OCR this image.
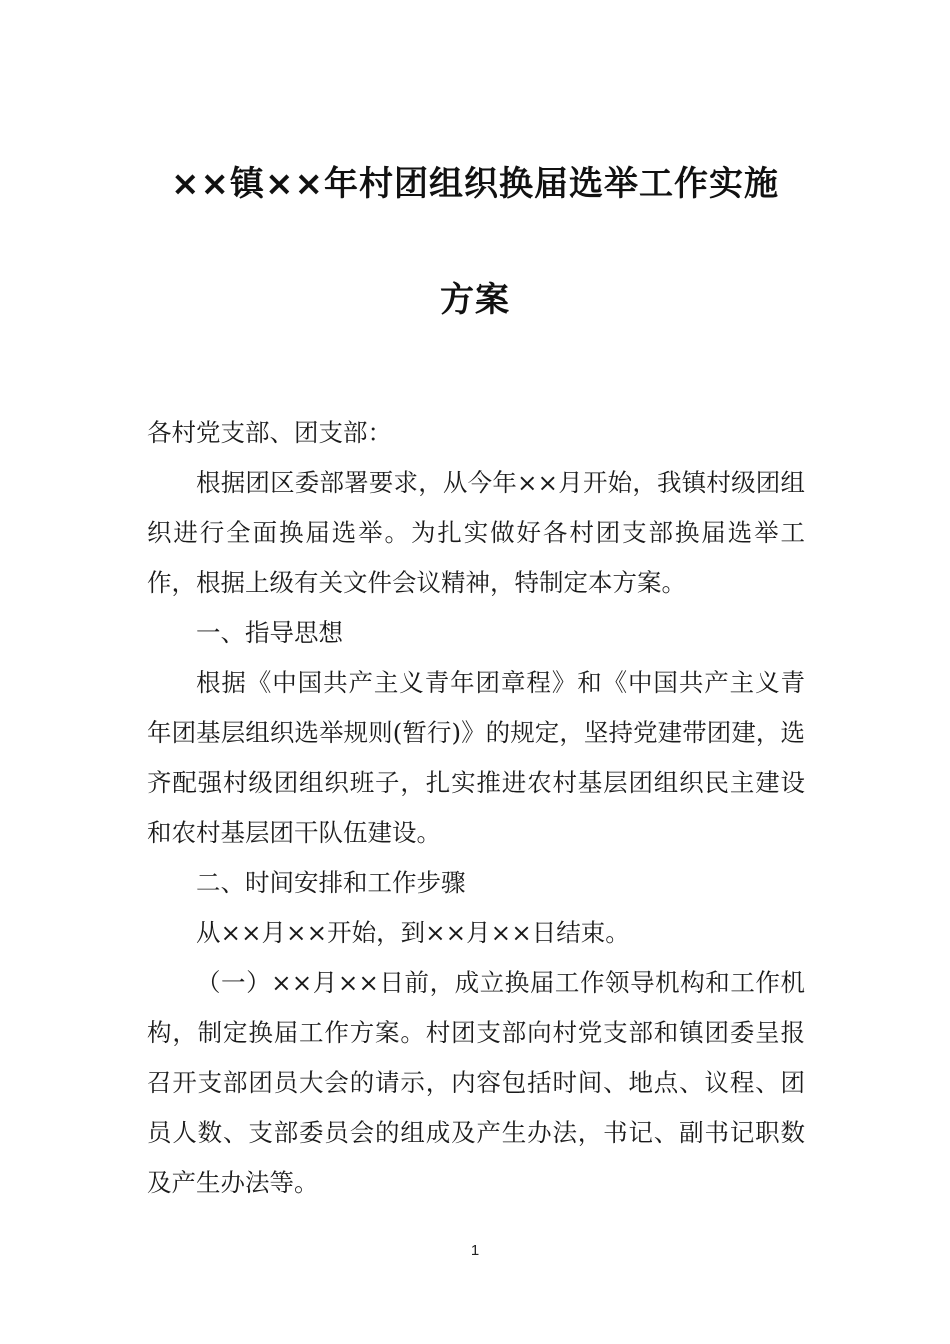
××镇××年村团组织换届选举工作实施
方案

各村党支部、团支部：

根据团区委部署要求，从今年××月开始，我镇村级团组织进行全面换届选举。为扎实做好各村团支部换届选举工作，根据上级有关文件会议精神，特制定本方案。

一、指导思想

根据《中国共产主义青年团章程》和《中国共产主义青年团基层组织选举规则(暂行)》的规定，坚持党建带团建，选齐配强村级团组织班子，扎实推进农村基层团组织民主建设和农村基层团干队伍建设。

二、时间安排和工作步骤

从××月××开始，到××月××日结束。

（一）××月××日前，成立换届工作领导机构和工作机构，制定换届工作方案。村团支部向村党支部和镇团委呈报召开支部团员大会的请示，内容包括时间、地点、议程、团员人数、支部委员会的组成及产生办法，书记、副书记职数及产生办法等。

1
